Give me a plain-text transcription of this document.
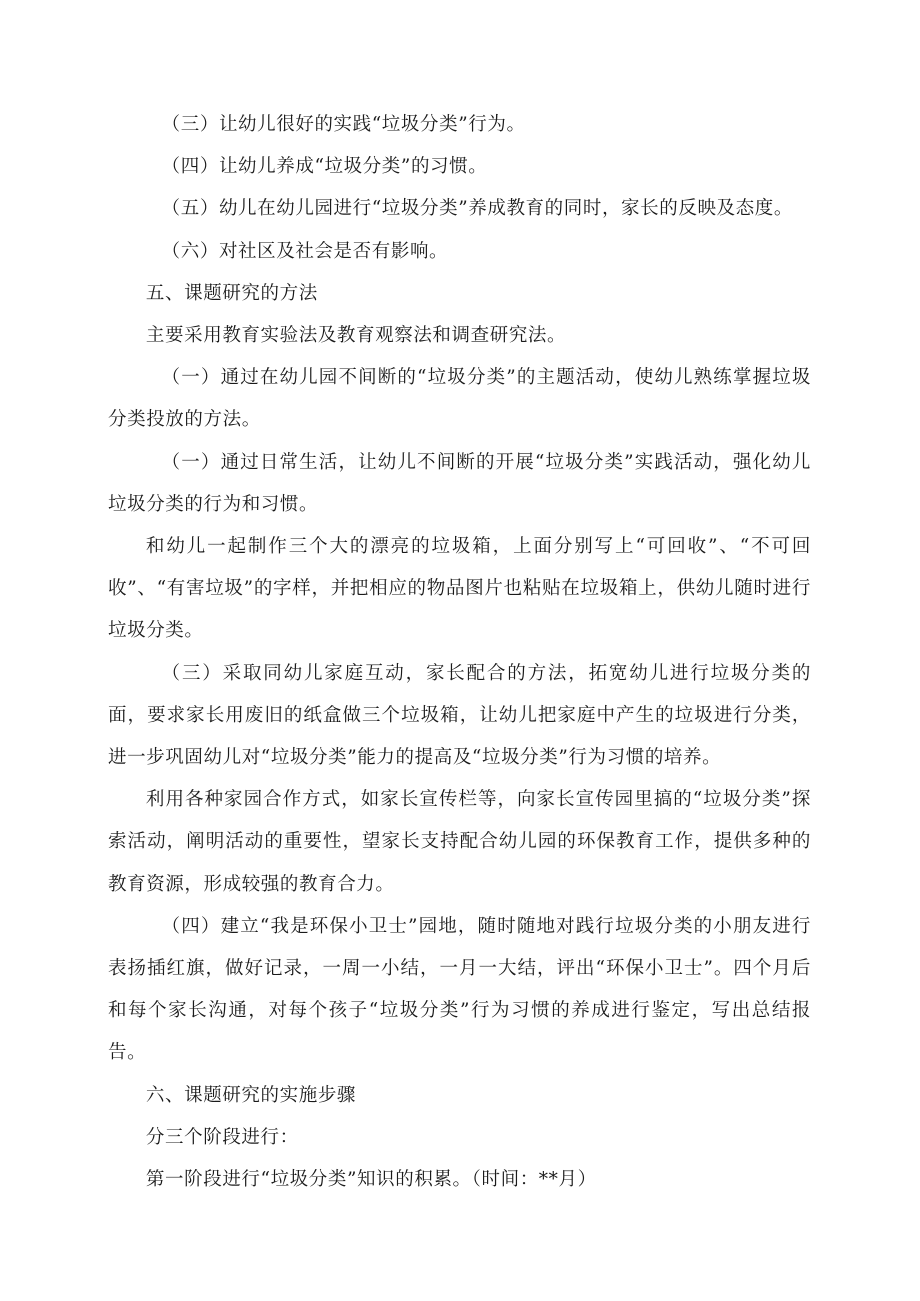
（三）让幼儿很好的实践“垃圾分类”行为。

（四）让幼儿养成“垃圾分类”的习惯。

（五）幼儿在幼儿园进行“垃圾分类”养成教育的同时，家长的反映及态度。

（六）对社区及社会是否有影响。

五、课题研究的方法

主要采用教育实验法及教育观察法和调查研究法。

（一）通过在幼儿园不间断的“垃圾分类”的主题活动，使幼儿熟练掌握垃圾分类投放的方法。

（一）通过日常生活，让幼儿不间断的开展“垃圾分类”实践活动，强化幼儿垃圾分类的行为和习惯。

和幼儿一起制作三个大的漂亮的垃圾箱，上面分别写上“可回收”、“不可回收”、“有害垃圾”的字样，并把相应的物品图片也粘贴在垃圾箱上，供幼儿随时进行垃圾分类。

（三）采取同幼儿家庭互动，家长配合的方法，拓宽幼儿进行垃圾分类的面，要求家长用废旧的纸盒做三个垃圾箱，让幼儿把家庭中产生的垃圾进行分类，进一步巩固幼儿对“垃圾分类”能力的提高及“垃圾分类”行为习惯的培养。

利用各种家园合作方式，如家长宣传栏等，向家长宣传园里搞的“垃圾分类”探索活动，阐明活动的重要性，望家长支持配合幼儿园的环保教育工作，提供多种的教育资源，形成较强的教育合力。

（四）建立“我是环保小卫士”园地，随时随地对践行垃圾分类的小朋友进行表扬插红旗，做好记录，一周一小结，一月一大结，评出“环保小卫士”。四个月后和每个家长沟通，对每个孩子“垃圾分类”行为习惯的养成进行鉴定，写出总结报告。

六、课题研究的实施步骤

分三个阶段进行：

第一阶段进行“垃圾分类”知识的积累。（时间：**月）
